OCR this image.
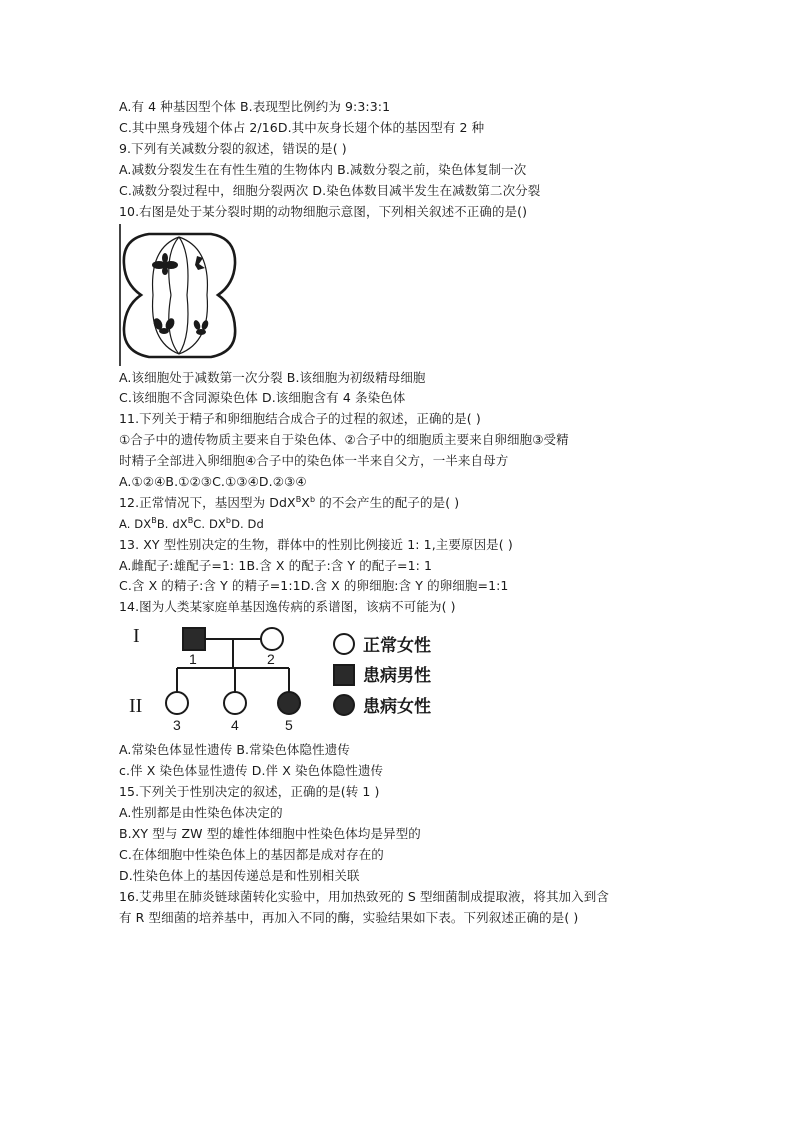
A.有 4 种基因型个体 B.表现型比例约为 9:3:3:1
C.其中黑身残翅个体占 2/16D.其中灰身长翅个体的基因型有 2 种
9.下列有关减数分裂的叙述，错误的是( )
A.减数分裂发生在有性生殖的生物体内 B.减数分裂之前，染色体复制一次
C.减数分裂过程中，细胞分裂两次 D.染色体数目减半发生在减数第二次分裂
10.右图是处于某分裂时期的动物细胞示意图，下列相关叙述不正确的是()
A.该细胞处于减数第一次分裂 B.该细胞为初级精母细胞
C.该细胞不含同源染色体 D.该细胞含有 4 条染色体
11.下列关于精子和卵细胞结合成合子的过程的叙述，正确的是( )
①合子中的遗传物质主要来自于染色体、②合子中的细胞质主要来自卵细胞③受精
时精子全部进入卵细胞④合子中的染色体一半来自父方，一半来自母方
A.①②④B.①②③C.①③④D.②③④
12.正常情况下，基因型为 $DdX^BX^b$ 的不会产生的配子的是( )
A. $DX^BB$. $dX^BC$. $DX^bD$. Dd
13. XY 型性别决定的生物，群体中的性别比例接近 1: 1,主要原因是( )
A.雌配子:雄配子=1: 1B.含 X 的配子:含 Y 的配子=1: 1
C.含 X 的精子:含 Y 的精子=1:1D.含 X 的卵细胞:含 Y 的卵细胞=1:1
14.图为人类某家庭单基因逸传病的系谱图，该病不可能为( )
I
II
1	2
3	4	5
正常女性
患病男性
患病女性
A.常染色体显性遗传 B.常染色体隐性遗传
c.伴 X 染色体显性遗传 D.伴 X 染色体隐性遗传
15.下列关于性别决定的叙述，正确的是(转 1 )
A.性别都是由性染色体决定的
B.XY 型与 ZW 型的雄性体细胞中性染色体均是异型的
C.在体细胞中性染色体上的基因都是成对存在的
D.性染色体上的基因传递总是和性别相关联
16.艾弗里在肺炎链球菌转化实验中，用加热致死的 S 型细菌制成提取液，将其加入到含
有 R 型细菌的培养基中，再加入不同的酶，实验结果如下表。下列叙述正确的是( )
